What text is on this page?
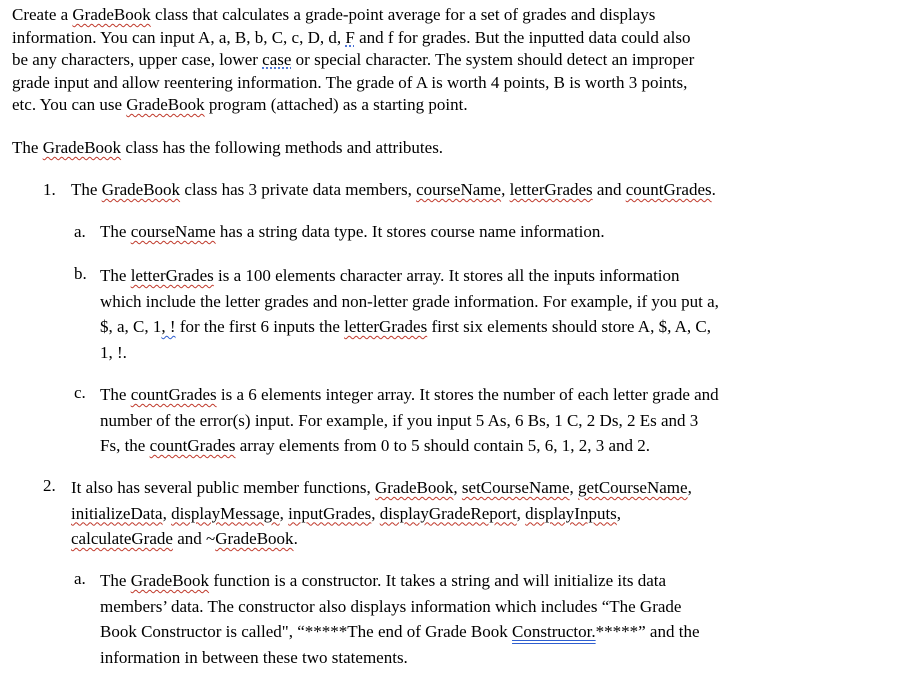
Create a GradeBook class that calculates a grade-point average for a set of grades and displays
information. You can input A, a, B, b, C, c, D, d, F and f for grades. But the inputted data could also
be any characters, upper case, lower case or special character. The system should detect an improper
grade input and allow reentering information. The grade of A is worth 4 points, B is worth 3 points,
etc. You can use GradeBook program (attached) as a starting point.
The GradeBook class has the following methods and attributes.
1. The GradeBook class has 3 private data members, courseName, letterGrades and countGrades.
a. The courseName has a string data type. It stores course name information.
b. The letterGrades is a 100 elements character array. It stores all the inputs information
which include the letter grades and non-letter grade information. For example, if you put a,
$, a, C, 1, ! for the first 6 inputs the letterGrades first six elements should store A, $, A, C,
1, !.
c. The countGrades is a 6 elements integer array. It stores the number of each letter grade and
number of the error(s) input. For example, if you input 5 As, 6 Bs, 1 C, 2 Ds, 2 Es and 3
Fs, the countGrades array elements from 0 to 5 should contain 5, 6, 1, 2, 3 and 2.
2. It also has several public member functions, GradeBook, setCourseName, getCourseName,
initializeData, displayMessage, inputGrades, displayGradeReport, displayInputs,
calculateGrade and ~GradeBook.
a. The GradeBook function is a constructor. It takes a string and will initialize its data
members’ data. The constructor also displays information which includes “The Grade
Book Constructor is called", “*****The end of Grade Book Constructor.*****” and the
information in between these two statements.
